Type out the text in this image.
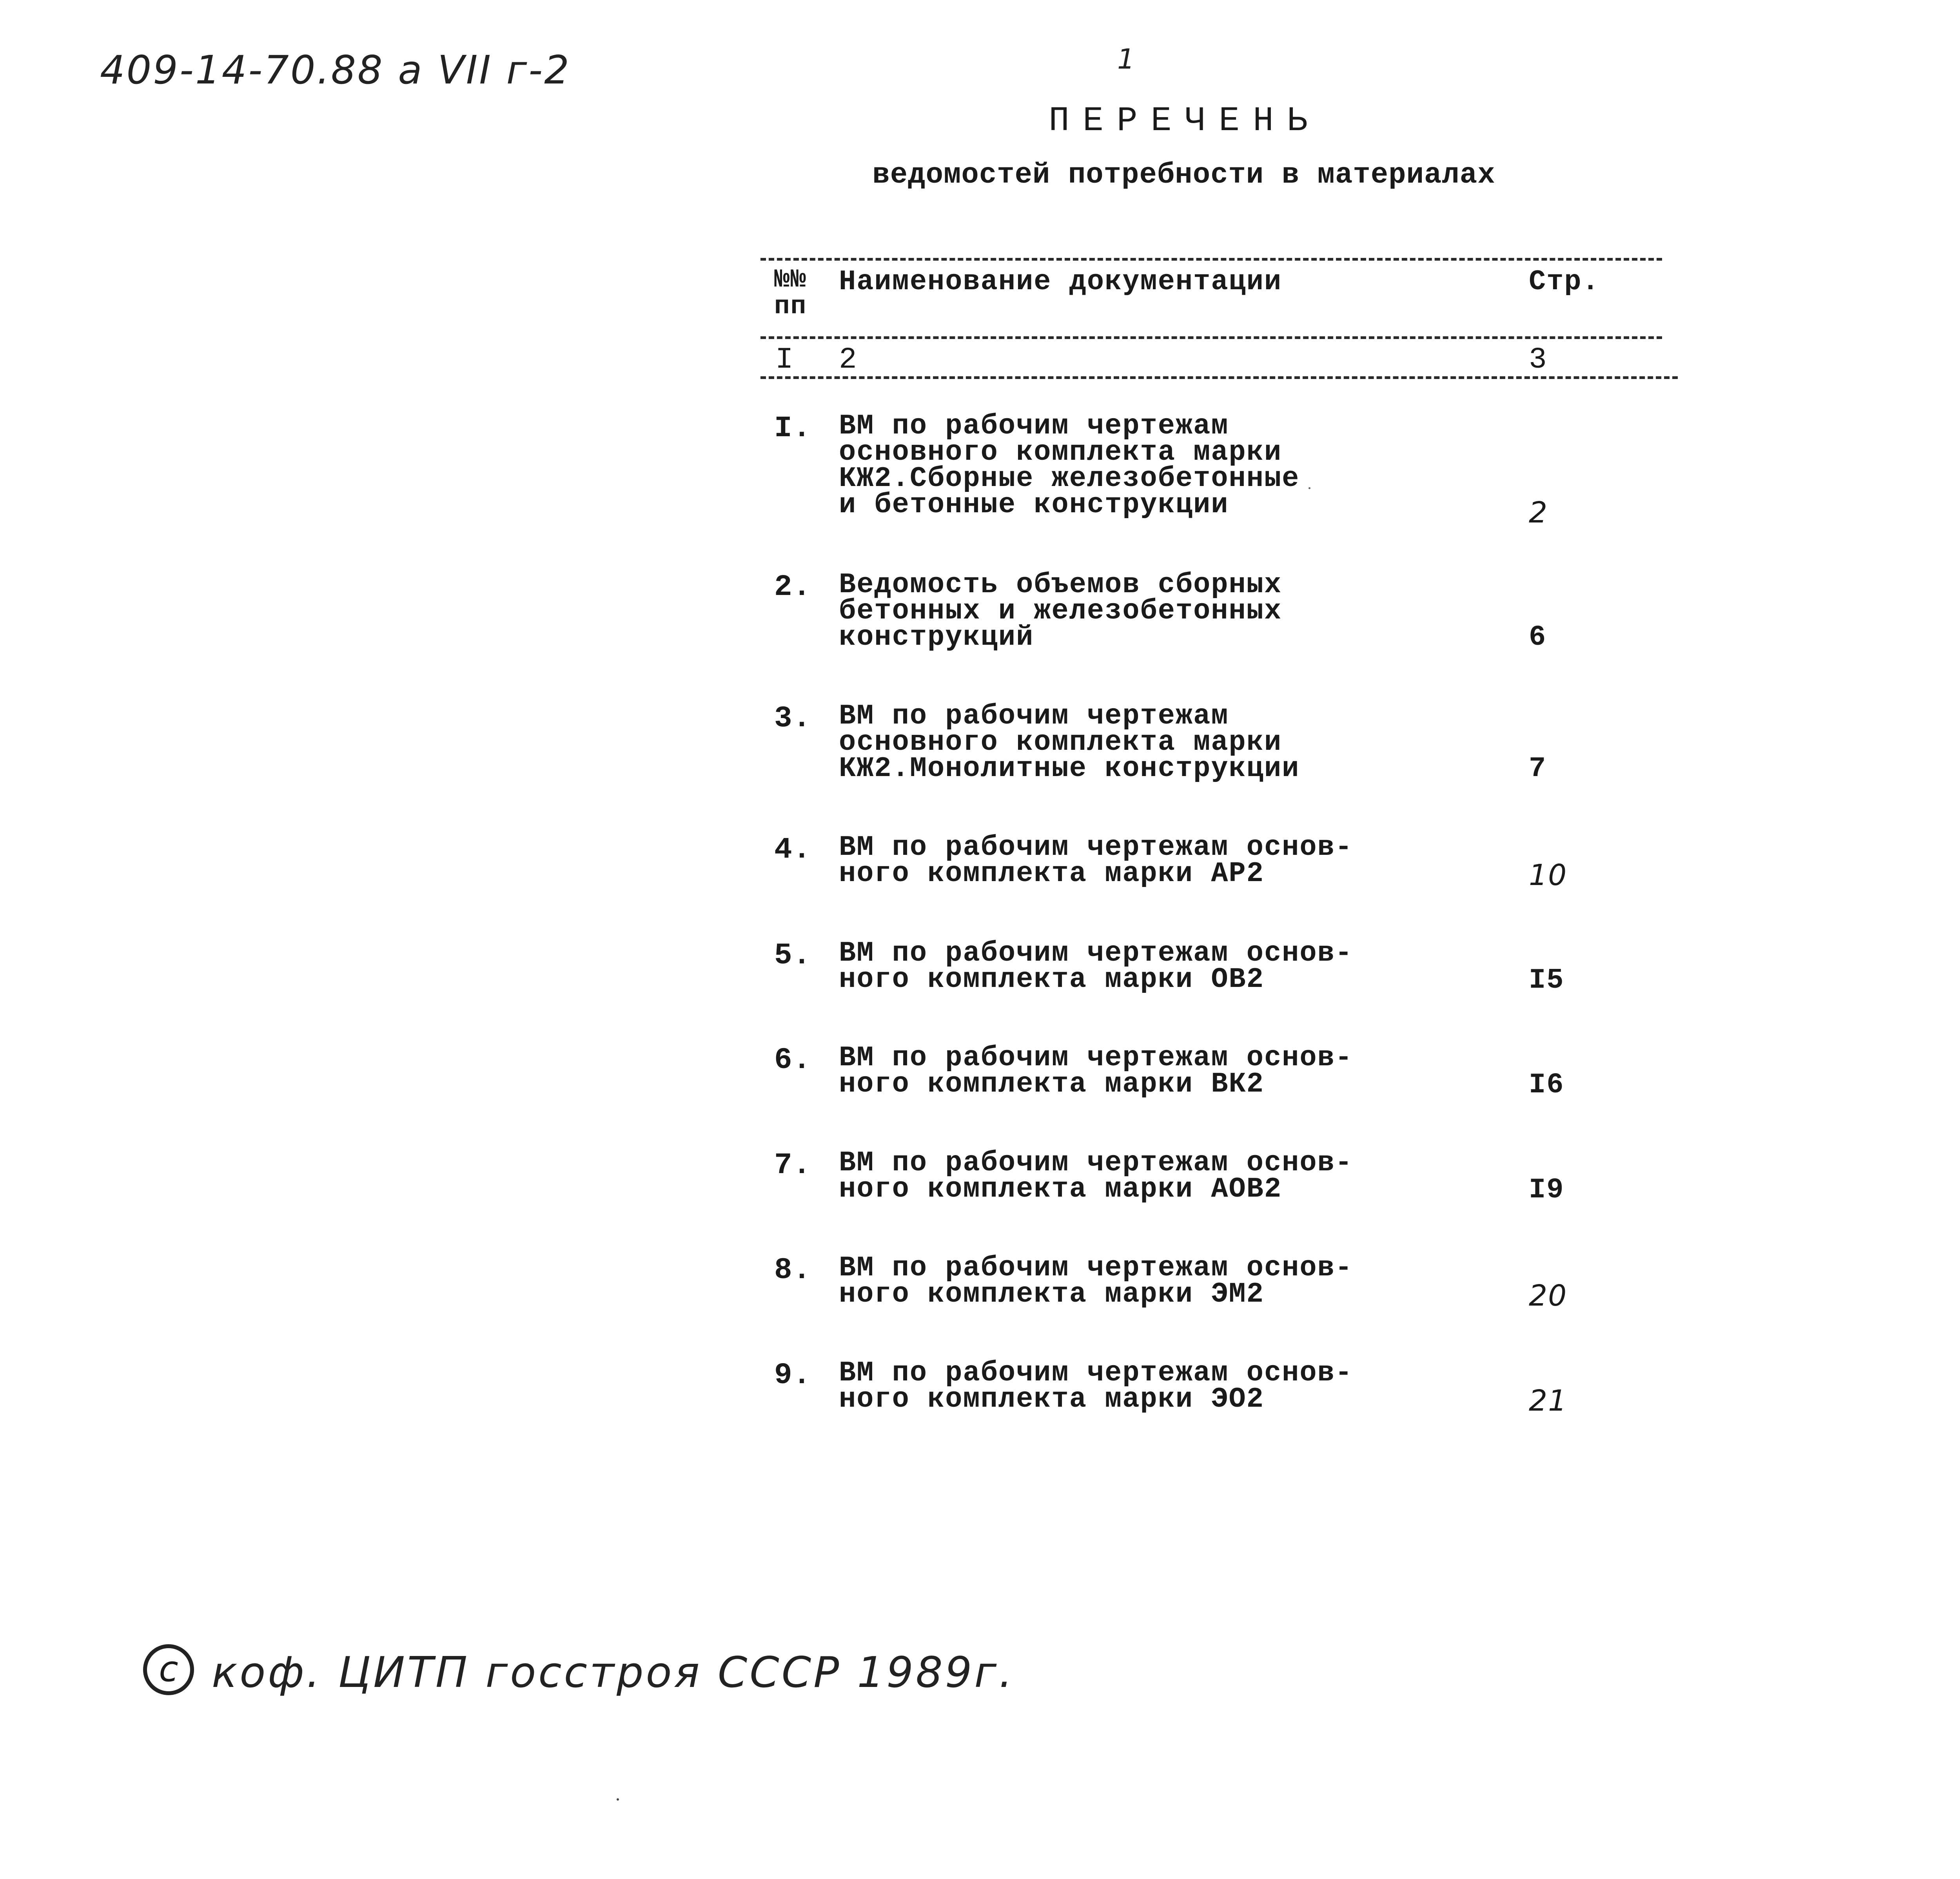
409-14-70.88 а VII г-2	1
ПЕРЕЧЕНЬ
ведомостей потребности в материалах
№№
пп
Наименование документации	Стр.
I 2	3
I. ВМ по рабочим чертежам
основного комплекта марки
КЖ2.Сборные железобетонные
и бетонные конструкции	2
2. Ведомость объемов сборных
бетонных и железобетонных
конструкций	6
3. ВМ по рабочим чертежам
основного комплекта марки
КЖ2.Монолитные конструкции	7
4. ВМ по рабочим чертежам основ-
ного комплекта марки АР2	10
5. ВМ по рабочим чертежам основ-
ного комплекта марки ОВ2	I5
6. ВМ по рабочим чертежам основ-
ного комплекта марки ВК2	I6
7. ВМ по рабочим чертежам основ-
ного комплекта марки АОВ2	I9
8. ВМ по рабочим чертежам основ-
ного комплекта марки ЭМ2	20
9. ВМ по рабочим чертежам основ-
ного комплекта марки ЭО2	21
с коф. ЦИТП госстроя СССР 1989г.
